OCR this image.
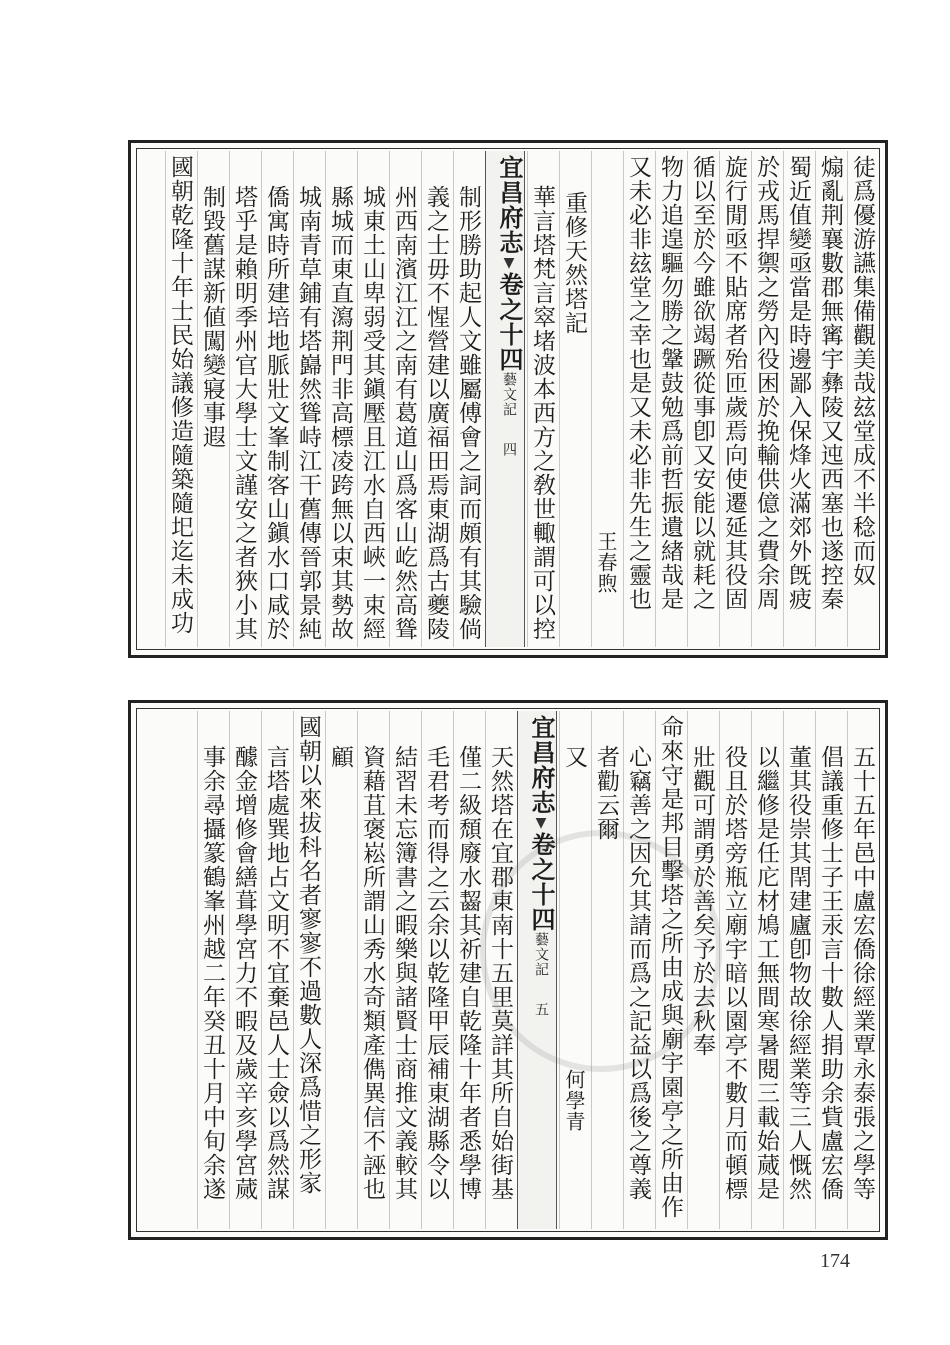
徒爲優游讌集備觀美哉玆堂成不半稔而奴
煽亂荆襄數郡無寗宇彝陵又迍西塞也遂控秦
蜀近值變亟當是時邊鄙入保烽火滿郊外旣疲
於戎馬捍禦之勞內役困於挽輸供億之費余周
旋行閒亟不貼席者殆匝歲焉向使遷延其役固
循以至於今雖欲竭蹶從事卽又安能以就耗之
物力追遑驅勿勝之鞶鼓勉爲前哲振遺緖哉是
又未必非玆堂之幸也是又未必非先生之靈也
王春煦
重修天然塔記
華言塔梵言窣堵波本西方之敎世輙謂可以控
宜昌府志▼卷之十四藝文記　四
制形勝助起人文雖屬傅會之詞而頗有其驗倘
義之士毋不惺營建以廣福田焉東湖爲古夔陵
州西南濱江江之南有葛道山爲客山屹然高聳
城東土山卑弱受其鎭壓且江水自西峽一束經
縣城而東直瀉荆門非高標凌跨無以束其勢故
城南青草鋪有塔巋然聳峙江干舊傳晉郭景純
僑寓時所建培地脈壯文峯制客山鎭水口咸於
塔乎是賴明季州官大學士文謹安之者狹小其
制毀舊謀新値闖變寢事遐
國朝乾隆十年士民始議修造隨築隨圯迄未成功
五十五年邑中盧宏僑徐經業覃永泰張之學等
倡議重修士子王汞言十數人捐助余貲盧宏僑
董其役崇其閈建廬卽物故徐經業等三人慨然
以繼修是任庀材鳩工無間寒暑閱三載始蒇是
役且於塔旁瓶立廟宇暗以園亭不數月而頓標
壯觀可謂勇於善矣予於去秋奉
命來守是邦目擊塔之所由成與廟宇園亭之所由作
心竊善之因允其請而爲之記益以爲後之尊義
者勸云爾
又何學青
宜昌府志▼卷之十四藝文記　五
天然塔在宜郡東南十五里莫詳其所自始街基
僅二級頹廢水齧其祈建自乾隆十年者悉學博
毛君考而得之云余以乾隆甲辰補東湖縣令以
結習未忘簿書之暇樂與諸賢士商推文義較其
資藉苴褒崧所謂山秀水奇類產儁異信不誣也
顧
國朝以來拔科名者寥寥不過數人深爲惜之形家
言塔處巽地占文明不宜棄邑人士僉以爲然謀
醵金增修會繕葺學宮力不暇及歲辛亥學宮蒇
事余尋攝篆鶴峯州越二年癸丑十月中旬余遂
174
